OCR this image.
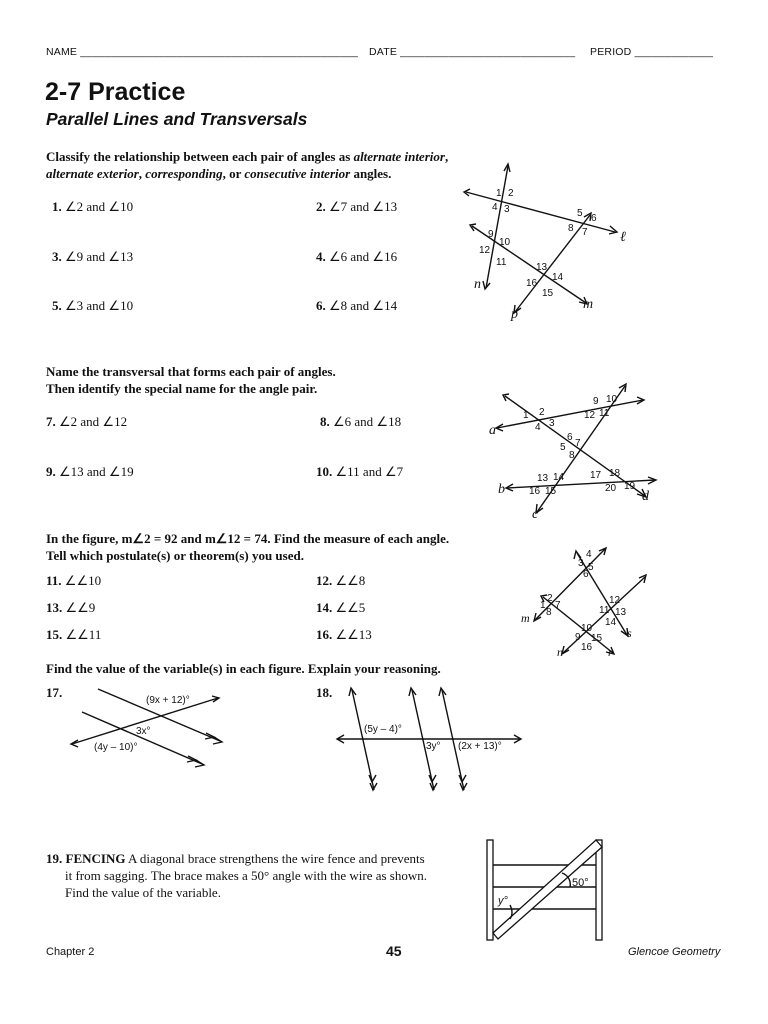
NAME ______________________________________________ DATE _____________________________ PERIOD _____________
2-7 Practice
Parallel Lines and Transversals
Classify the relationship between each pair of angles as alternate interior,
alternate exterior, corresponding, or consecutive interior angles.
1. ∠2 and ∠10	2. ∠7 and ∠13
3. ∠9 and ∠13	4. ∠6 and ∠16
5. ∠3 and ∠10	6. ∠8 and ∠14
1 2
4 3	5 6
8 7
9
10
12
11	13
14
16
15
ℓ
n
p
m
Name the transversal that forms each pair of angles.
Then identify the special name for the angle pair.
7. ∠2 and ∠12	8. ∠6 and ∠18
9. ∠13 and ∠19	10. ∠11 and ∠7
1 2
4 3
9 10
12 11
6
5 7
8
13 14
16 15
17 18
20 19
a
b
c
d
In the figure, m∠2 = 92 and m∠12 = 74. Find the measure of each angle.
Tell which postulate(s) or theorem(s) you used.
11. ∠∠10	12. ∠∠8
13. ∠∠9	14. ∠∠5
15. ∠∠11	16. ∠∠13
4
3 5
6
2
1 7
8
12
11 13
14
10
9 15
16
m
n	r
s
Find the value of the variable(s) in each figure. Explain your reasoning.
17.	18.
(9x + 12)°
3x°
(4y – 10)°
(5y – 4)°
3y° (2x + 13)°
19. FENCING A diagonal brace strengthens the wire fence and prevents
it from sagging. The brace makes a 50° angle with the wire as shown.
Find the value of the variable.
50°
y°
Chapter 2	45	Glencoe Geometry
